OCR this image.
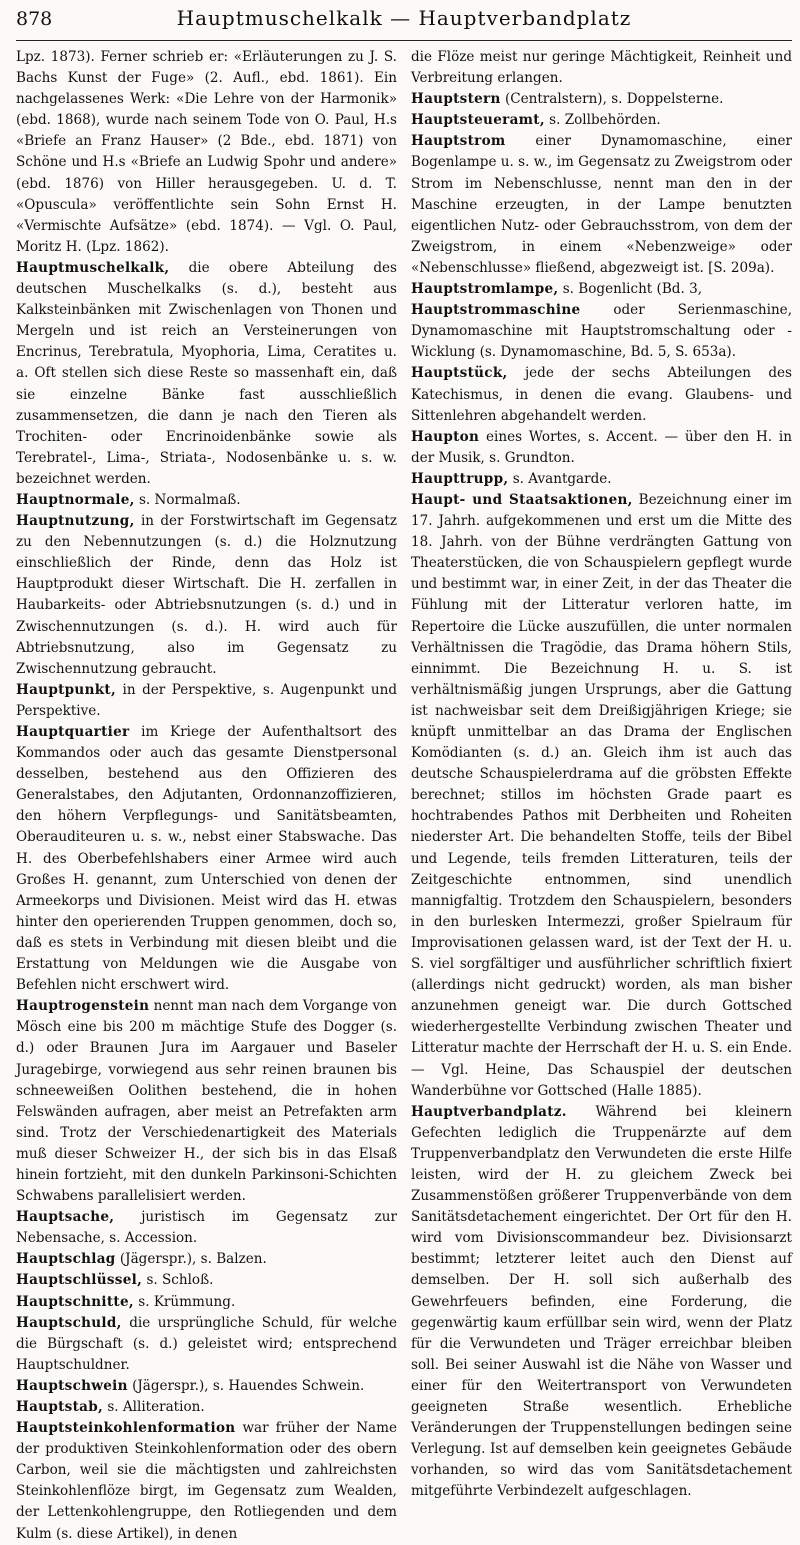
878	Hauptmuschelkalk — Hauptverbandplatz

Lpz. 1873). Ferner schrieb er: «Erläuterungen zu J. S. Bachs Kunst der Fuge» (2. Aufl., ebd. 1861). Ein nachgelassenes Werk: «Die Lehre von der Harmonik» (ebd. 1868), wurde nach seinem Tode von O. Paul, H.s «Briefe an Franz Hauser» (2 Bde., ebd. 1871) von Schöne und H.s «Briefe an Ludwig Spohr und andere» (ebd. 1876) von Hiller herausgegeben. U. d. T. «Opuscula» veröffentlichte sein Sohn Ernst H. «Vermischte Aufsätze» (ebd. 1874). — Vgl. O. Paul, Moritz H. (Lpz. 1862).

Hauptmuschelkalk, die obere Abteilung des deutschen Muschelkalks (s. d.), besteht aus Kalksteinbänken mit Zwischenlagen von Thonen und Mergeln und ist reich an Versteinerungen von Encrinus, Terebratula, Myophoria, Lima, Ceratites u. a. Oft stellen sich diese Reste so massenhaft ein, daß sie einzelne Bänke fast ausschließlich zusammensetzen, die dann je nach den Tieren als Trochiten- oder Encrinoidenbänke sowie als Terebratel-, Lima-, Striata-, Nodosenbänke u. s. w. bezeichnet werden.

Hauptnormale, s. Normalmaß.

Hauptnutzung, in der Forstwirtschaft im Gegensatz zu den Nebennutzungen (s. d.) die Holznutzung einschließlich der Rinde, denn das Holz ist Hauptprodukt dieser Wirtschaft. Die H. zerfallen in Haubarkeits- oder Abtriebsnutzungen (s. d.) und in Zwischennutzungen (s. d.). H. wird auch für Abtriebsnutzung, also im Gegensatz zu Zwischennutzung gebraucht.

Hauptpunkt, in der Perspektive, s. Augenpunkt und Perspektive.

Hauptquartier im Kriege der Aufenthaltsort des Kommandos oder auch das gesamte Dienstpersonal desselben, bestehend aus den Offizieren des Generalstabes, den Adjutanten, Ordonnanzoffizieren, den höhern Verpflegungs- und Sanitätsbeamten, Oberauditeuren u. s. w., nebst einer Stabswache. Das H. des Oberbefehlshabers einer Armee wird auch Großes H. genannt, zum Unterschied von denen der Armeekorps und Divisionen. Meist wird das H. etwas hinter den operierenden Truppen genommen, doch so, daß es stets in Verbindung mit diesen bleibt und die Erstattung von Meldungen wie die Ausgabe von Befehlen nicht erschwert wird.

Hauptrogenstein nennt man nach dem Vorgange von Mösch eine bis 200 m mächtige Stufe des Dogger (s. d.) oder Braunen Jura im Aargauer und Baseler Juragebirge, vorwiegend aus sehr reinen braunen bis schneeweißen Oolithen bestehend, die in hohen Felswänden aufragen, aber meist an Petrefakten arm sind. Trotz der Verschiedenartigkeit des Materials muß dieser Schweizer H., der sich bis in das Elsaß hinein fortzieht, mit den dunkeln Parkinsoni-Schichten Schwabens parallelisiert werden.

Hauptsache, juristisch im Gegensatz zur Nebensache, s. Accession.

Hauptschlag (Jägerspr.), s. Balzen.

Hauptschlüssel, s. Schloß.

Hauptschnitte, s. Krümmung.

Hauptschuld, die ursprüngliche Schuld, für welche die Bürgschaft (s. d.) geleistet wird; entsprechend Hauptschuldner.

Hauptschwein (Jägerspr.), s. Hauendes Schwein.

Hauptstab, s. Alliteration.

Hauptsteinkohlenformation war früher der Name der produktiven Steinkohlenformation oder des obern Carbon, weil sie die mächtigsten und zahlreichsten Steinkohlenflöze birgt, im Gegensatz zum Wealden, der Lettenkohlengruppe, den Rotliegenden und dem Kulm (s. diese Artikel), in denen

die Flöze meist nur geringe Mächtigkeit, Reinheit und Verbreitung erlangen.

Hauptstern (Centralstern), s. Doppelsterne.

Hauptsteueramt, s. Zollbehörden.

Hauptstrom einer Dynamomaschine, einer Bogenlampe u. s. w., im Gegensatz zu Zweigstrom oder Strom im Nebenschlusse, nennt man den in der Maschine erzeugten, in der Lampe benutzten eigentlichen Nutz- oder Gebrauchsstrom, von dem der Zweigstrom, in einem «Nebenzweige» oder «Nebenschlusse» fließend, abgezweigt ist. [S. 209a).

Hauptstromlampe, s. Bogenlicht (Bd. 3,

Hauptstrommaschine oder Serienmaschine, Dynamomaschine mit Hauptstromschaltung oder -Wicklung (s. Dynamomaschine, Bd. 5, S. 653a).

Hauptstück, jede der sechs Abteilungen des Katechismus, in denen die evang. Glaubens- und Sittenlehren abgehandelt werden.

Haupton eines Wortes, s. Accent. — über den H. in der Musik, s. Grundton.

Haupttrupp, s. Avantgarde.

Haupt- und Staatsaktionen, Bezeichnung einer im 17. Jahrh. aufgekommenen und erst um die Mitte des 18. Jahrh. von der Bühne verdrängten Gattung von Theaterstücken, die von Schauspielern gepflegt wurde und bestimmt war, in einer Zeit, in der das Theater die Fühlung mit der Litteratur verloren hatte, im Repertoire die Lücke auszufüllen, die unter normalen Verhältnissen die Tragödie, das Drama höhern Stils, einnimmt. Die Bezeichnung H. u. S. ist verhältnismäßig jungen Ursprungs, aber die Gattung ist nachweisbar seit dem Dreißigjährigen Kriege; sie knüpft unmittelbar an das Drama der Englischen Komödianten (s. d.) an. Gleich ihm ist auch das deutsche Schauspielerdrama auf die gröbsten Effekte berechnet; stillos im höchsten Grade paart es hochtrabendes Pathos mit Derbheiten und Roheiten niederster Art. Die behandelten Stoffe, teils der Bibel und Legende, teils fremden Litteraturen, teils der Zeitgeschichte entnommen, sind unendlich mannigfaltig. Trotzdem den Schauspielern, besonders in den burlesken Intermezzi, großer Spielraum für Improvisationen gelassen ward, ist der Text der H. u. S. viel sorgfältiger und ausführlicher schriftlich fixiert (allerdings nicht gedruckt) worden, als man bisher anzunehmen geneigt war. Die durch Gottsched wiederhergestellte Verbindung zwischen Theater und Litteratur machte der Herrschaft der H. u. S. ein Ende. — Vgl. Heine, Das Schauspiel der deutschen Wanderbühne vor Gottsched (Halle 1885).

Hauptverbandplatz. Während bei kleinern Gefechten lediglich die Truppenärzte auf dem Truppenverbandplatz den Verwundeten die erste Hilfe leisten, wird der H. zu gleichem Zweck bei Zusammenstößen größerer Truppenverbände von dem Sanitätsdetachement eingerichtet. Der Ort für den H. wird vom Divisionscommandeur bez. Divisionsarzt bestimmt; letzterer leitet auch den Dienst auf demselben. Der H. soll sich außerhalb des Gewehrfeuers befinden, eine Forderung, die gegenwärtig kaum erfüllbar sein wird, wenn der Platz für die Verwundeten und Träger erreichbar bleiben soll. Bei seiner Auswahl ist die Nähe von Wasser und einer für den Weitertransport von Verwundeten geeigneten Straße wesentlich. Erhebliche Veränderungen der Truppenstellungen bedingen seine Verlegung. Ist auf demselben kein geeignetes Gebäude vorhanden, so wird das vom Sanitätsdetachement mitgeführte Verbindezelt aufgeschlagen.
